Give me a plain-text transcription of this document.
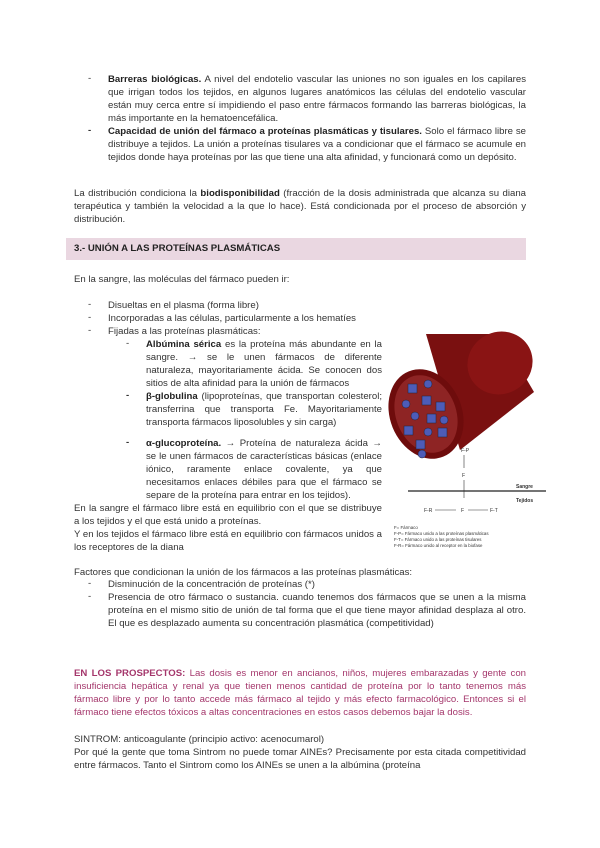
- Barreras biológicas. A nivel del endotelio vascular las uniones no son iguales en los capilares que irrigan todos los tejidos, en algunos lugares anatómicos las células del endotelio vascular están muy cerca entre sí impidiendo el paso entre fármacos formando las barreras biológicas, la más importante en la hematoencefálica.

- Capacidad de unión del fármaco a proteínas plasmáticas y tisulares. Solo el fármaco libre se distribuye a tejidos. La unión a proteínas tisulares va a condicionar que el fármaco se acumule en tejidos donde haya proteínas por las que tiene una alta afinidad, y funcionará como un depósito.

La distribución condiciona la biodisponibilidad (fracción de la dosis administrada que alcanza su diana terapéutica y también la velocidad a la que lo hace). Está condicionada por el proceso de absorción y distribución.

3.- UNIÓN A LAS PROTEÍNAS PLASMÁTICAS

En la sangre, las moléculas del fármaco pueden ir:

- Disueltas en el plasma (forma libre)

- Incorporadas a las células, particularmente a los hematíes

- Fijadas a las proteínas plasmáticas:

- Albúmina sérica es la proteína más abundante en la sangre. → se le unen fármacos de diferente naturaleza, mayoritariamente ácida. Se conocen dos sitios de alta afinidad para la unión de fármacos

- β-globulina (lipoproteínas, que transportan colesterol; transferrina que transporta Fe. Mayoritariamente transporta fármacos liposolubles y sin carga)

- α-glucoproteína. → Proteína de naturaleza ácida → se le unen fármacos de características básicas (enlace iónico, raramente enlace covalente, ya que necesitamos enlaces débiles para que el fármaco se separe de la proteína para entrar en los tejidos).

En la sangre el fármaco libre está en equilibrio con el que se distribuye a los tejidos y el que está unido a proteínas.

Y en los tejidos el fármaco libre está en equilibrio con fármacos unidos a los receptores de la diana

F-P
F
Sangre
Tejidos
F-R	F	F-T
F= Fármaco
F-P= Fármaco unido a las proteínas plasmáticas
F-T= Fármaco unido a las proteínas tisulares
F-R= Fármaco unido al receptor en la biofase

Factores que condicionan la unión de los fármacos a las proteínas plasmáticas:

- Disminución de la concentración de proteínas (*)

- Presencia de otro fármaco o sustancia. cuando tenemos dos fármacos que se unen a la misma proteína en el mismo sitio de unión de tal forma que el que tiene mayor afinidad desplaza al otro. El que es desplazado aumenta su concentración plasmática (competitividad)

EN LOS PROSPECTOS: Las dosis es menor en ancianos, niños, mujeres embarazadas y gente con insuficiencia hepática y renal ya que tienen menos cantidad de proteína por lo tanto tenemos más fármaco libre y por lo tanto accede más fármaco al tejido y más efecto farmacológico. Entonces si el fármaco tiene efectos tóxicos a altas concentraciones en estos casos debemos bajar la dosis.

SINTROM: anticoagulante (principio activo: acenocumarol)

Por qué la gente que toma Sintrom no puede tomar AINEs? Precisamente por esta citada competitividad entre fármacos. Tanto el Sintrom como los AINEs se unen a la albúmina (proteína
